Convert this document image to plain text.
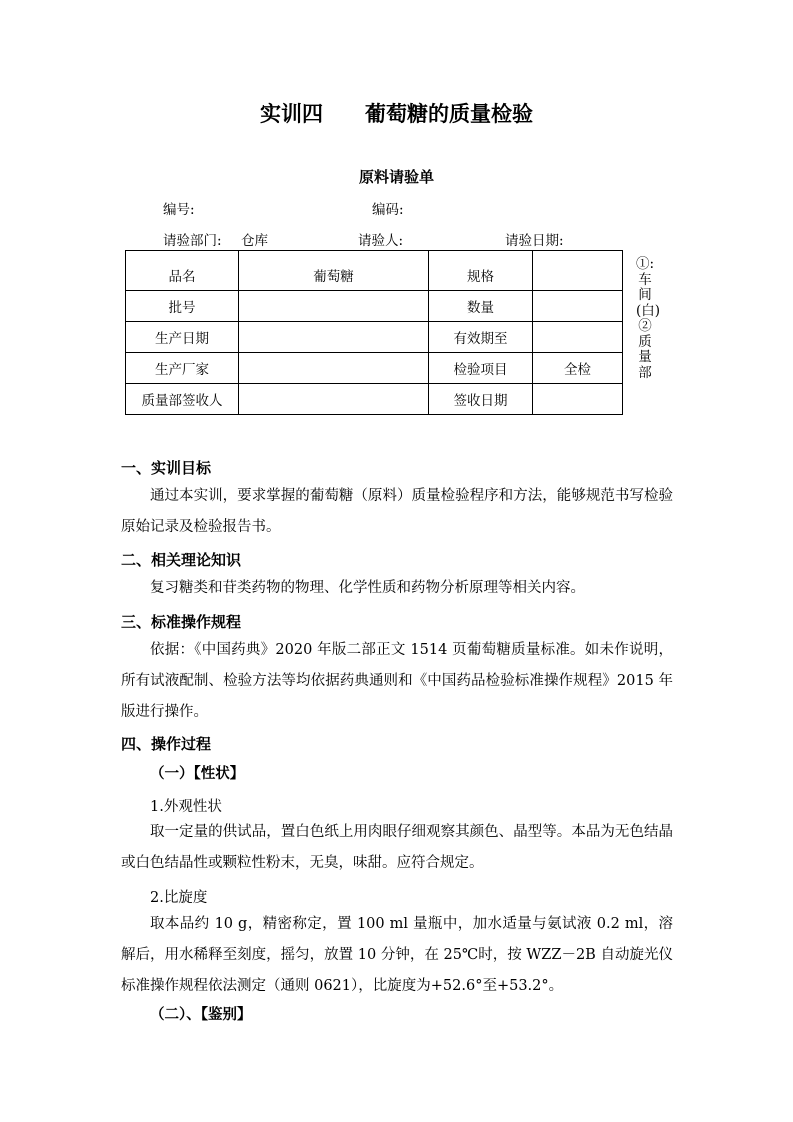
实训四 葡萄糖的质量检验
原料请验单
编号:	编码:
请验部门: 仓库	请验人:	请验日期:
品名	葡萄糖	规格	
批号		数量	
生产日期		有效期至	
生产厂家		检验项目	全检
质量部签收人		签收日期	
①:车间(白)②质量部
一、实训目标
通过本实训，要求掌握的葡萄糖（原料）质量检验程序和方法，能够规范书写检验原始记录及检验报告书。
二、相关理论知识
复习糖类和苷类药物的物理、化学性质和药物分析原理等相关内容。
三、标准操作规程
依据：《中国药典》2020 年版二部正文 1514 页葡萄糖质量标准。如未作说明，所有试液配制、检验方法等均依据药典通则和《中国药品检验标准操作规程》2015 年版进行操作。
四、操作过程
（一）【性状】
1.外观性状
取一定量的供试品，置白色纸上用肉眼仔细观察其颜色、晶型等。本品为无色结晶或白色结晶性或颗粒性粉末，无臭，味甜。应符合规定。
2.比旋度
取本品约 10 g，精密称定，置 100 ml 量瓶中，加水适量与氨试液 0.2 ml，溶解后，用水稀释至刻度，摇匀，放置 10 分钟，在 25℃时，按 WZZ－2B 自动旋光仪标准操作规程依法测定（通则 0621），比旋度为+52.6°至+53.2°。
（二）、【鉴别】
